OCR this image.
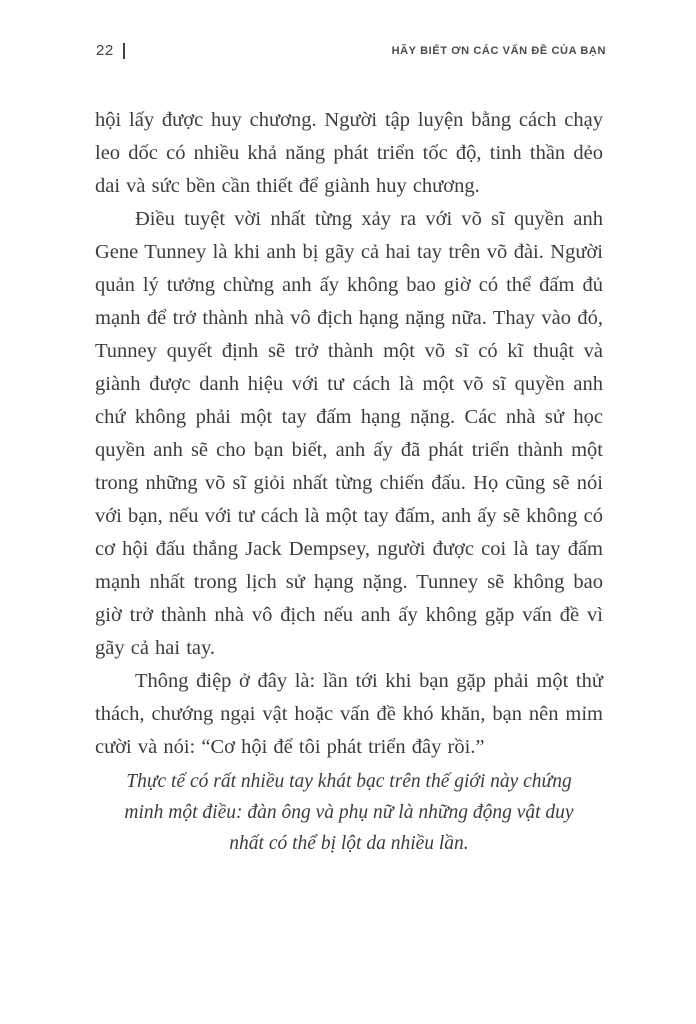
22	HÃY BIẾT ƠN CÁC VẤN ĐỀ CỦA BẠN

hội lấy được huy chương. Người tập luyện bằng cách chạy leo dốc có nhiều khả năng phát triển tốc độ, tinh thần dẻo dai và sức bền cần thiết để giành huy chương.

Điều tuyệt vời nhất từng xảy ra với võ sĩ quyền anh Gene Tunney là khi anh bị gãy cả hai tay trên võ đài. Người quản lý tưởng chừng anh ấy không bao giờ có thể đấm đủ mạnh để trở thành nhà vô địch hạng nặng nữa. Thay vào đó, Tunney quyết định sẽ trở thành một võ sĩ có kĩ thuật và giành được danh hiệu với tư cách là một võ sĩ quyền anh chứ không phải một tay đấm hạng nặng. Các nhà sử học quyền anh sẽ cho bạn biết, anh ấy đã phát triển thành một trong những võ sĩ giỏi nhất từng chiến đấu. Họ cũng sẽ nói với bạn, nếu với tư cách là một tay đấm, anh ấy sẽ không có cơ hội đấu thắng Jack Dempsey, người được coi là tay đấm mạnh nhất trong lịch sử hạng nặng. Tunney sẽ không bao giờ trở thành nhà vô địch nếu anh ấy không gặp vấn đề vì gãy cả hai tay.

Thông điệp ở đây là: lần tới khi bạn gặp phải một thử thách, chướng ngại vật hoặc vấn đề khó khăn, bạn nên mỉm cười và nói: “Cơ hội để tôi phát triển đây rồi.”

Thực tế có rất nhiều tay khát bạc trên thế giới này chứng minh một điều: đàn ông và phụ nữ là những động vật duy nhất có thể bị lột da nhiều lần.
